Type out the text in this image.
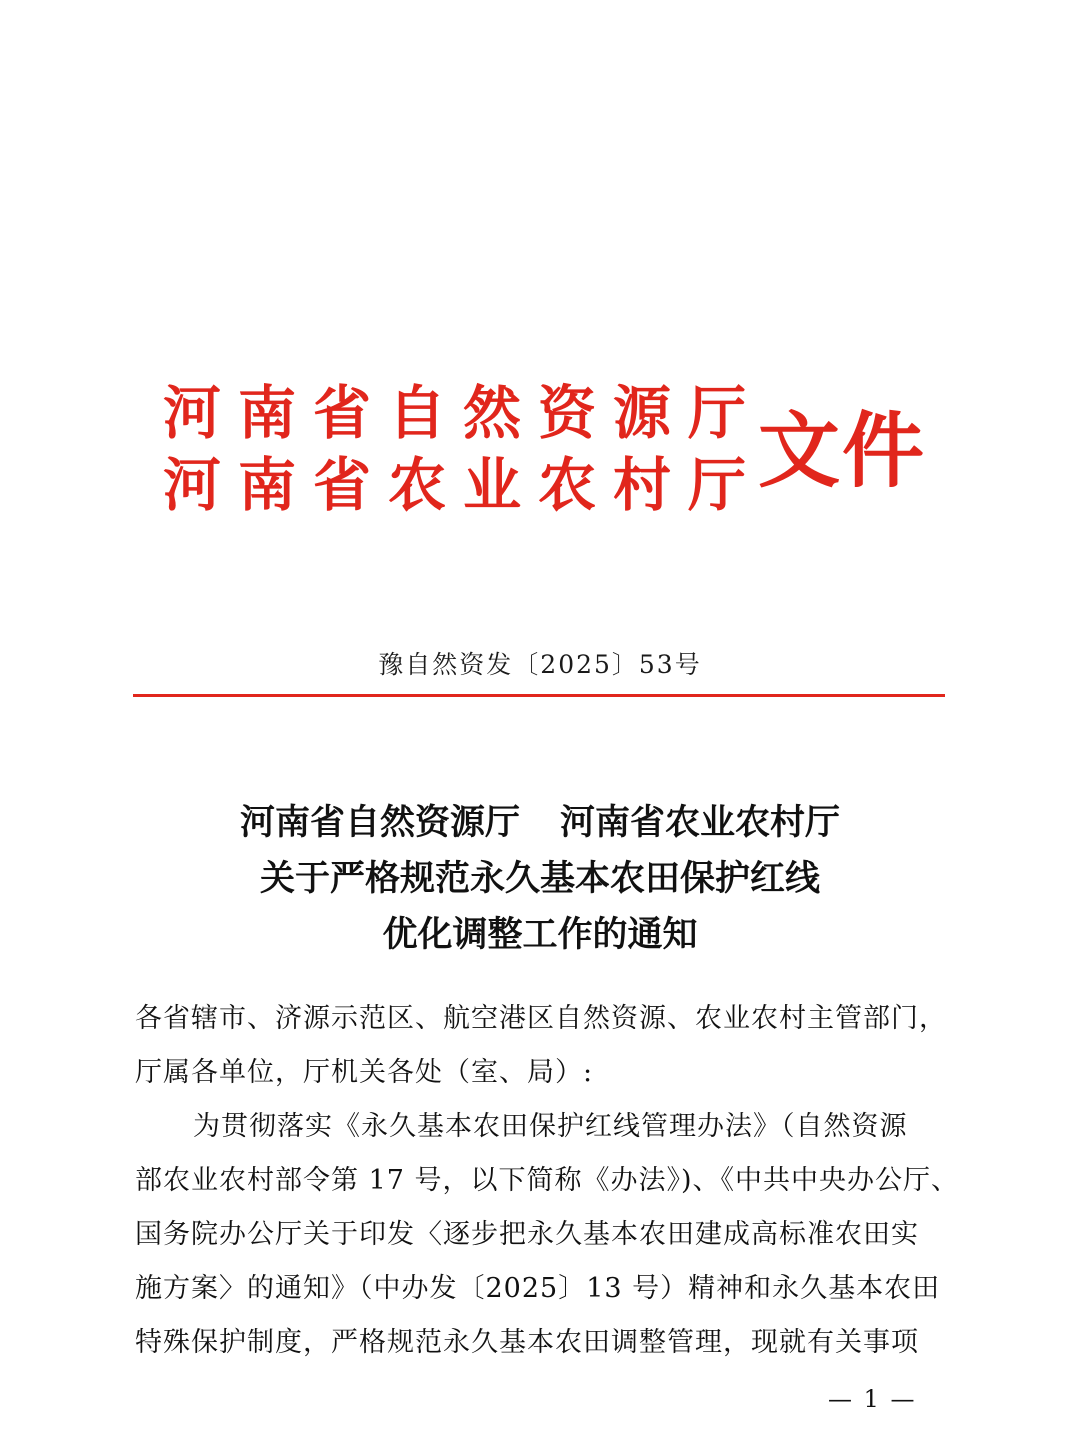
河南省自然资源厅
河南省农业农村厅
文件
豫自然资发〔2025〕53号
河南省自然资源厅 河南省农业农村厅
关于严格规范永久基本农田保护红线
优化调整工作的通知
各省辖市、济源示范区、航空港区自然资源、农业农村主管部门，
厅属各单位，厅机关各处（室、局）:
为贯彻落实《永久基本农田保护红线管理办法》（自然资源
部农业农村部令第 17 号，以下简称《办法》)、《中共中央办公厅、
国务院办公厅关于印发〈逐步把永久基本农田建成高标准农田实
施方案〉的通知》（中办发〔2025〕13 号）精神和永久基本农田
特殊保护制度，严格规范永久基本农田调整管理，现就有关事项
— 1 —
